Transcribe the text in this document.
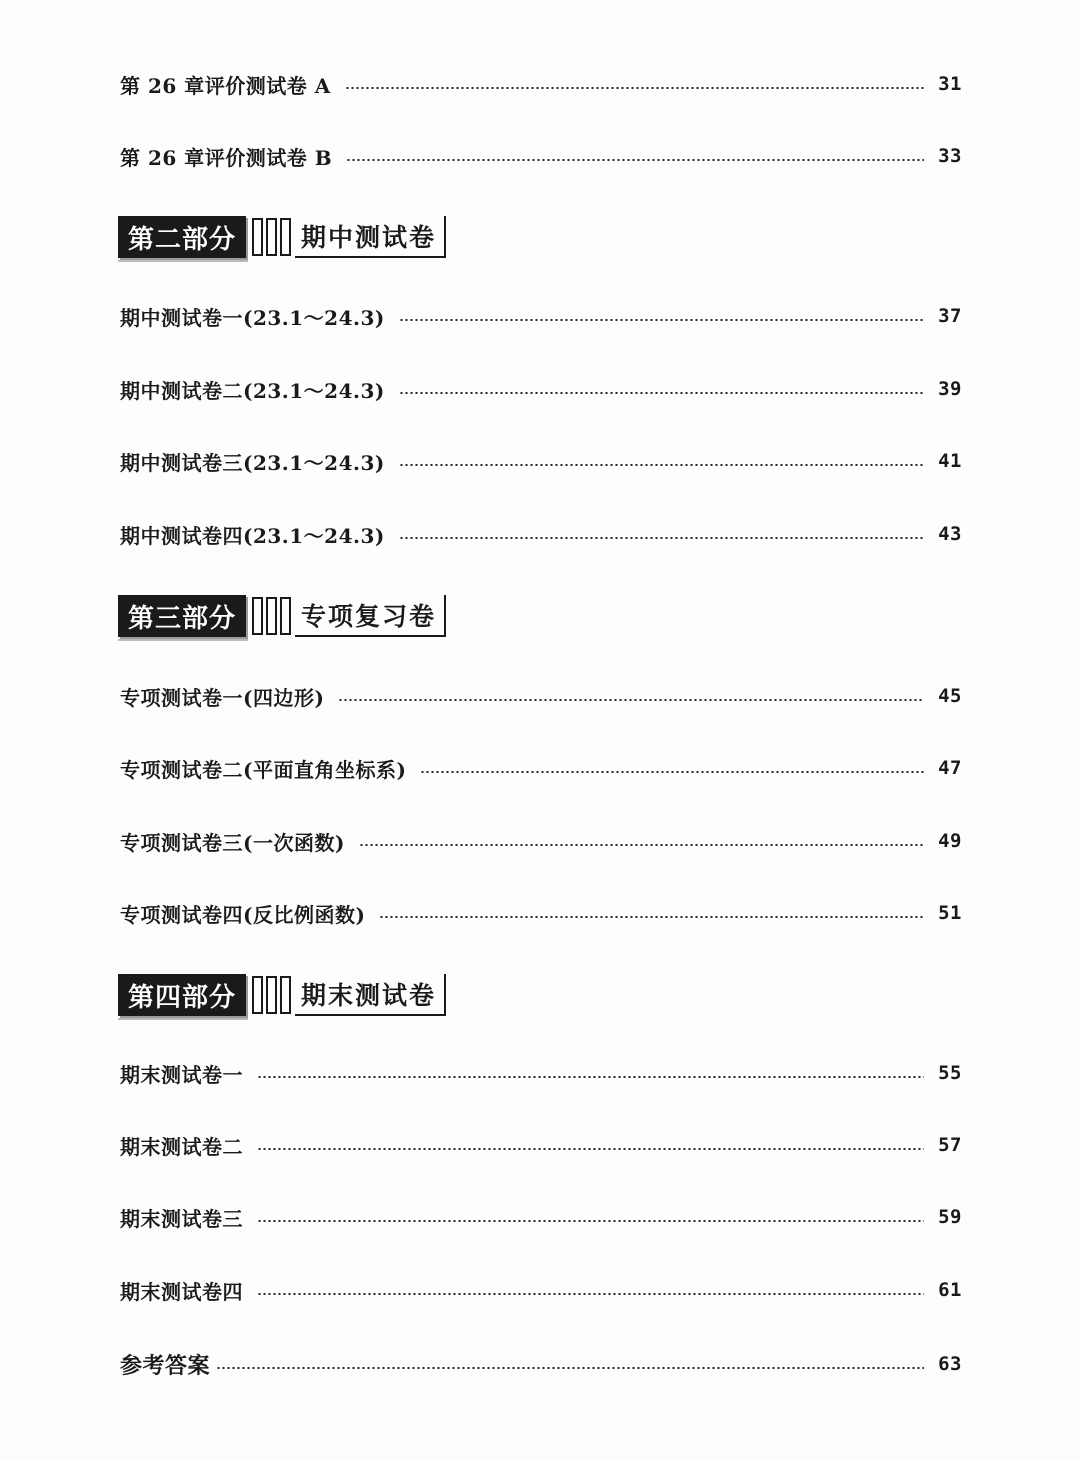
第 26 章评价测试卷 A	31
第 26 章评价测试卷 B	33
第二部分	期中测试卷
期中测试卷一(23.1～24.3)	37
期中测试卷二(23.1～24.3)	39
期中测试卷三(23.1～24.3)	41
期中测试卷四(23.1～24.3)	43
第三部分	专项复习卷
专项测试卷一(四边形)	45
专项测试卷二(平面直角坐标系)	47
专项测试卷三(一次函数)	49
专项测试卷四(反比例函数)	51
第四部分	期末测试卷
期末测试卷一	55
期末测试卷二	57
期末测试卷三	59
期末测试卷四	61
参考答案	63
